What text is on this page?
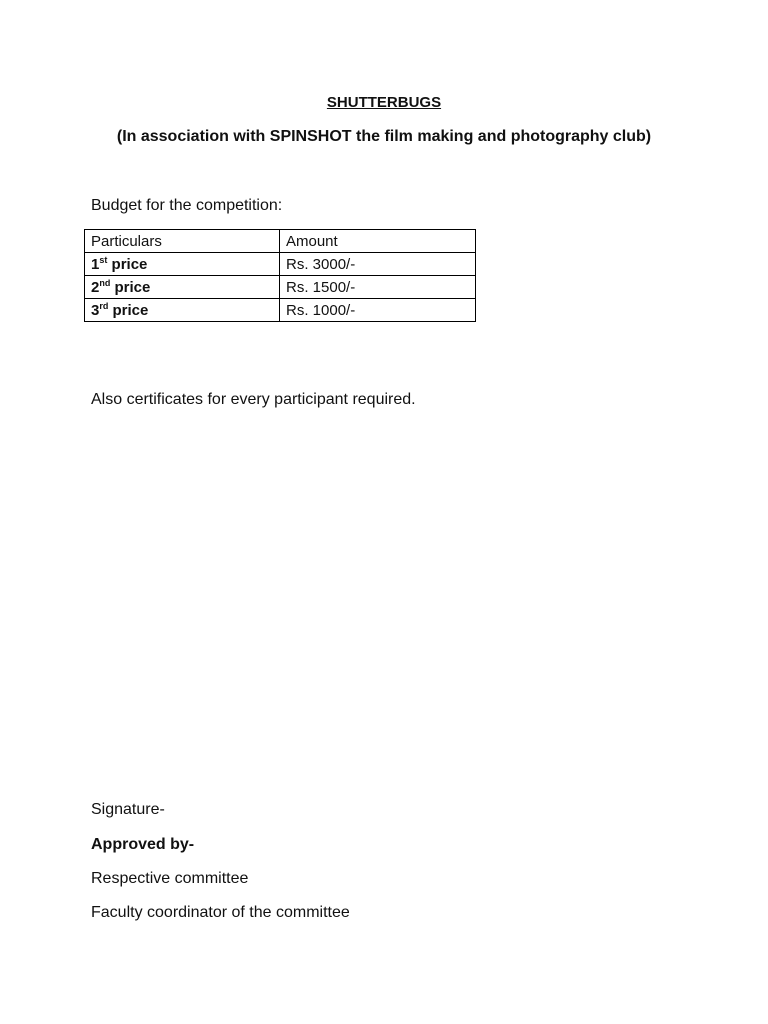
SHUTTERBUGS
(In association with SPINSHOT the film making and photography club)
Budget for the competition:
Particulars	Amount
1st price	Rs. 3000/-
2nd price	Rs. 1500/-
3rd price	Rs. 1000/-
Also certificates for every participant required.
Signature-
Approved by-
Respective committee
Faculty coordinator of the committee
